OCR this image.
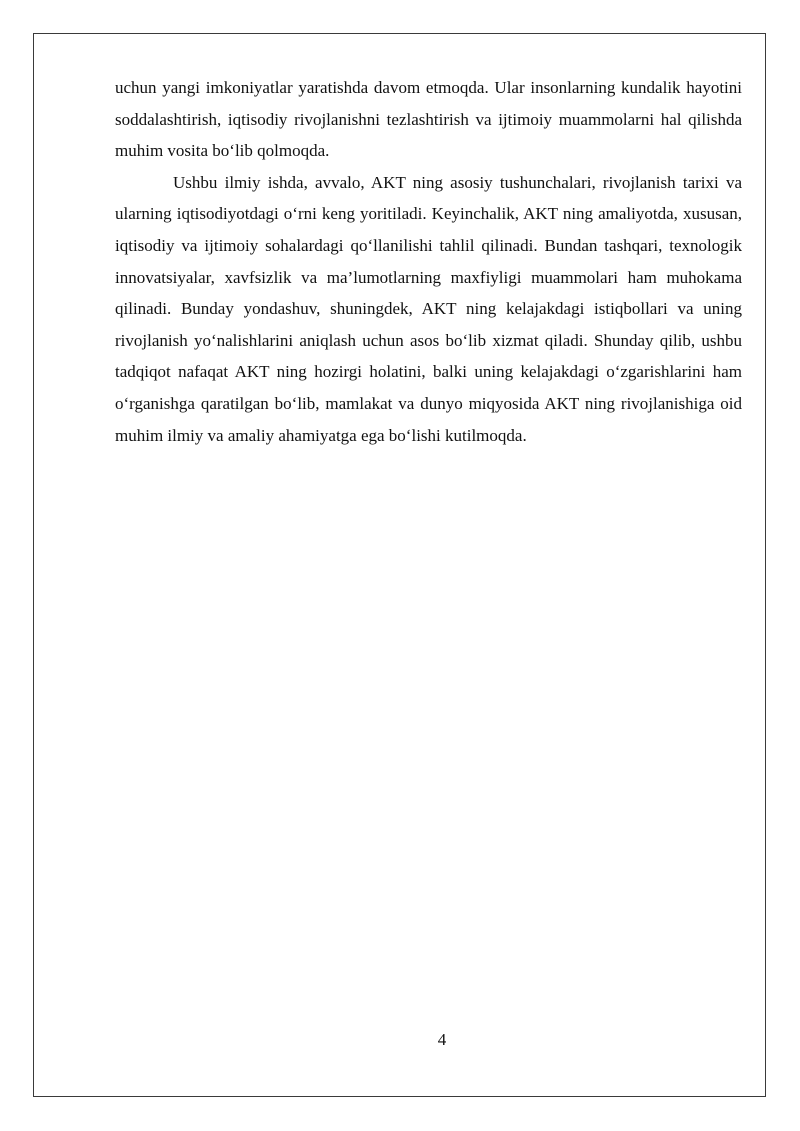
uchun yangi imkoniyatlar yaratishda davom etmoqda. Ular insonlarning kundalik hayotini soddalashtirish, iqtisodiy rivojlanishni tezlashtirish va ijtimoiy muammolarni hal qilishda muhim vosita bo‘lib qolmoqda.

Ushbu ilmiy ishda, avvalo, AKT ning asosiy tushunchalari, rivojlanish tarixi va ularning iqtisodiyotdagi o‘rni keng yoritiladi. Keyinchalik, AKT ning amaliyotda, xususan, iqtisodiy va ijtimoiy sohalardagi qo‘llanilishi tahlil qilinadi. Bundan tashqari, texnologik innovatsiyalar, xavfsizlik va ma’lumotlarning maxfiyligi muammolari ham muhokama qilinadi. Bunday yondashuv, shuningdek, AKT ning kelajakdagi istiqbollari va uning rivojlanish yo‘nalishlarini aniqlash uchun asos bo‘lib xizmat qiladi. Shunday qilib, ushbu tadqiqot nafaqat AKT ning hozirgi holatini, balki uning kelajakdagi o‘zgarishlarini ham o‘rganishga qaratilgan bo‘lib, mamlakat va dunyo miqyosida AKT ning rivojlanishiga oid muhim ilmiy va amaliy ahamiyatga ega bo‘lishi kutilmoqda.

4
